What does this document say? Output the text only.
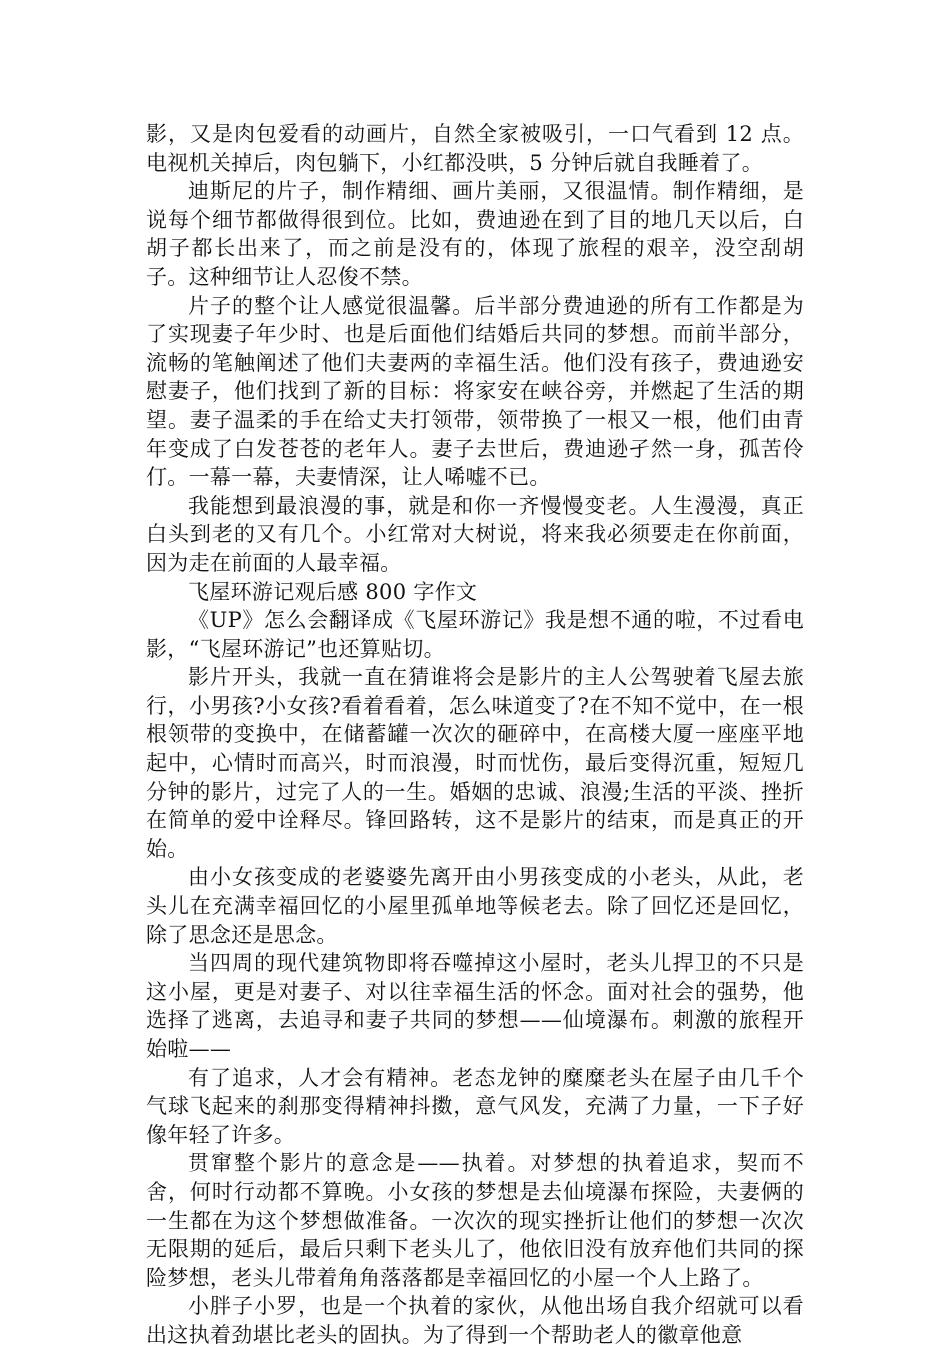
影，又是肉包爱看的动画片，自然全家被吸引，一口气看到 12 点。电视机关掉后，肉包躺下，小红都没哄，5 分钟后就自我睡着了。

迪斯尼的片子，制作精细、画片美丽，又很温情。制作精细，是说每个细节都做得很到位。比如，费迪逊在到了目的地几天以后，白胡子都长出来了，而之前是没有的，体现了旅程的艰辛，没空刮胡子。这种细节让人忍俊不禁。

片子的整个让人感觉很温馨。后半部分费迪逊的所有工作都是为了实现妻子年少时、也是后面他们结婚后共同的梦想。而前半部分，流畅的笔触阐述了他们夫妻两的幸福生活。他们没有孩子，费迪逊安慰妻子，他们找到了新的目标：将家安在峡谷旁，并燃起了生活的期望。妻子温柔的手在给丈夫打领带，领带换了一根又一根，他们由青年变成了白发苍苍的老年人。妻子去世后，费迪逊孑然一身，孤苦伶仃。一幕一幕，夫妻情深，让人唏嘘不已。

我能想到最浪漫的事，就是和你一齐慢慢变老。人生漫漫，真正白头到老的又有几个。小红常对大树说，将来我必须要走在你前面，因为走在前面的人最幸福。

飞屋环游记观后感 800 字作文

《UP》怎么会翻译成《飞屋环游记》我是想不通的啦，不过看电影，“飞屋环游记”也还算贴切。

影片开头，我就一直在猜谁将会是影片的主人公驾驶着飞屋去旅行，小男孩?小女孩?看着看着，怎么味道变了?在不知不觉中，在一根根领带的变换中，在储蓄罐一次次的砸碎中，在高楼大厦一座座平地起中，心情时而高兴，时而浪漫，时而忧伤，最后变得沉重，短短几分钟的影片，过完了人的一生。婚姻的忠诚、浪漫;生活的平淡、挫折在简单的爱中诠释尽。锋回路转，这不是影片的结束，而是真正的开始。

由小女孩变成的老婆婆先离开由小男孩变成的小老头，从此，老头儿在充满幸福回忆的小屋里孤单地等候老去。除了回忆还是回忆，除了思念还是思念。

当四周的现代建筑物即将吞噬掉这小屋时，老头儿捍卫的不只是这小屋，更是对妻子、对以往幸福生活的怀念。面对社会的强势，他选择了逃离，去追寻和妻子共同的梦想——仙境瀑布。刺激的旅程开始啦——

有了追求，人才会有精神。老态龙钟的糜糜老头在屋子由几千个气球飞起来的刹那变得精神抖擞，意气风发，充满了力量，一下子好像年轻了许多。

贯窜整个影片的意念是——执着。对梦想的执着追求，契而不舍，何时行动都不算晚。小女孩的梦想是去仙境瀑布探险，夫妻俩的一生都在为这个梦想做准备。一次次的现实挫折让他们的梦想一次次无限期的延后，最后只剩下老头儿了，他依旧没有放弃他们共同的探险梦想，老头儿带着角角落落都是幸福回忆的小屋一个人上路了。

小胖子小罗，也是一个执着的家伙，从他出场自我介绍就可以看出这执着劲堪比老头的固执。为了得到一个帮助老人的徽章他意
